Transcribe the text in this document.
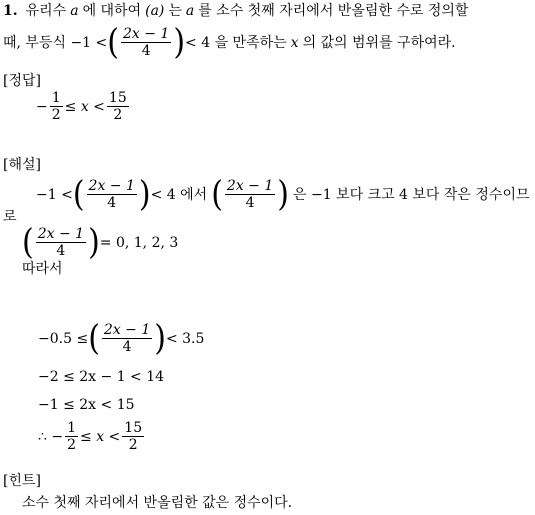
1. 유리수 a 에 대하여 (a) 는 a 를 소수 첫째 자리에서 반올림한 수로 정의할
때, 부등식 −1 < ( $\frac{2x - 1}{4}$ ) < 4 을 만족하는 x 의 값의 범위를 구하여라.
[정답]
− $\frac{1}{2} \le x < \frac{15}{2}$
[해설]
−1 < ( $\frac{2x - 1}{4}$ ) < 4 에서 ( $\frac{2x - 1}{4}$ ) 은 −1 보다 크고 4 보다 작은 정수이므
로
( $\frac{2x - 1}{4}$ ) = 0, 1, 2, 3
따라서
−0.5 ≤ ( $\frac{2x - 1}{4}$ ) < 3.5
−2 ≤ 2x − 1 < 14
−1 ≤ 2x < 15
∴ − $\frac{1}{2} \le x < \frac{15}{2}$
[힌트]
소수 첫째 자리에서 반올림한 값은 정수이다.
